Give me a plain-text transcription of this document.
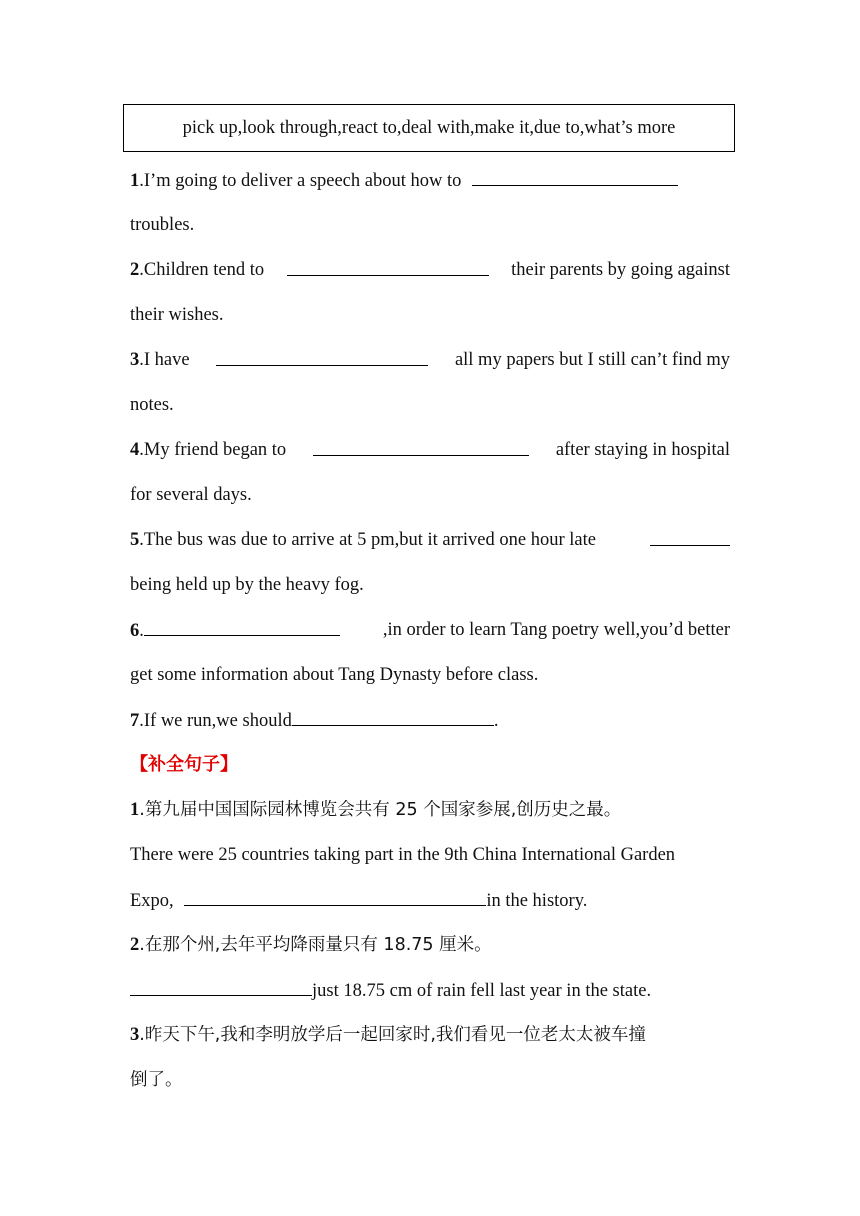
pick up,look through,react to,deal with,make it,due to,what’s more
1.I’m going to deliver a speech about how to
troubles.
2.Children tend to	their parents by going against
their wishes.
3.I have	all my papers but I still can’t find my
notes.
4.My friend began to	after staying in hospital
for several days.
5.The bus was due to arrive at 5 pm,but it arrived one hour late
being held up by the heavy fog.
6 .	,in order to learn Tang poetry well,you’d better
get some information about Tang Dynasty before class.
7.If we run,we should	.
【补全句子】
1.第九届中国国际园林博览会共有 25 个国家参展,创历史之最。
There were 25 countries taking part in the 9th China International Garden
Expo,	in the history.
2.在那个州,去年平均降雨量只有 18.75 厘米。
just 18.75 cm of rain fell last year in the state.
3.昨天下午,我和李明放学后一起回家时,我们看见一位老太太被车撞
倒了。
